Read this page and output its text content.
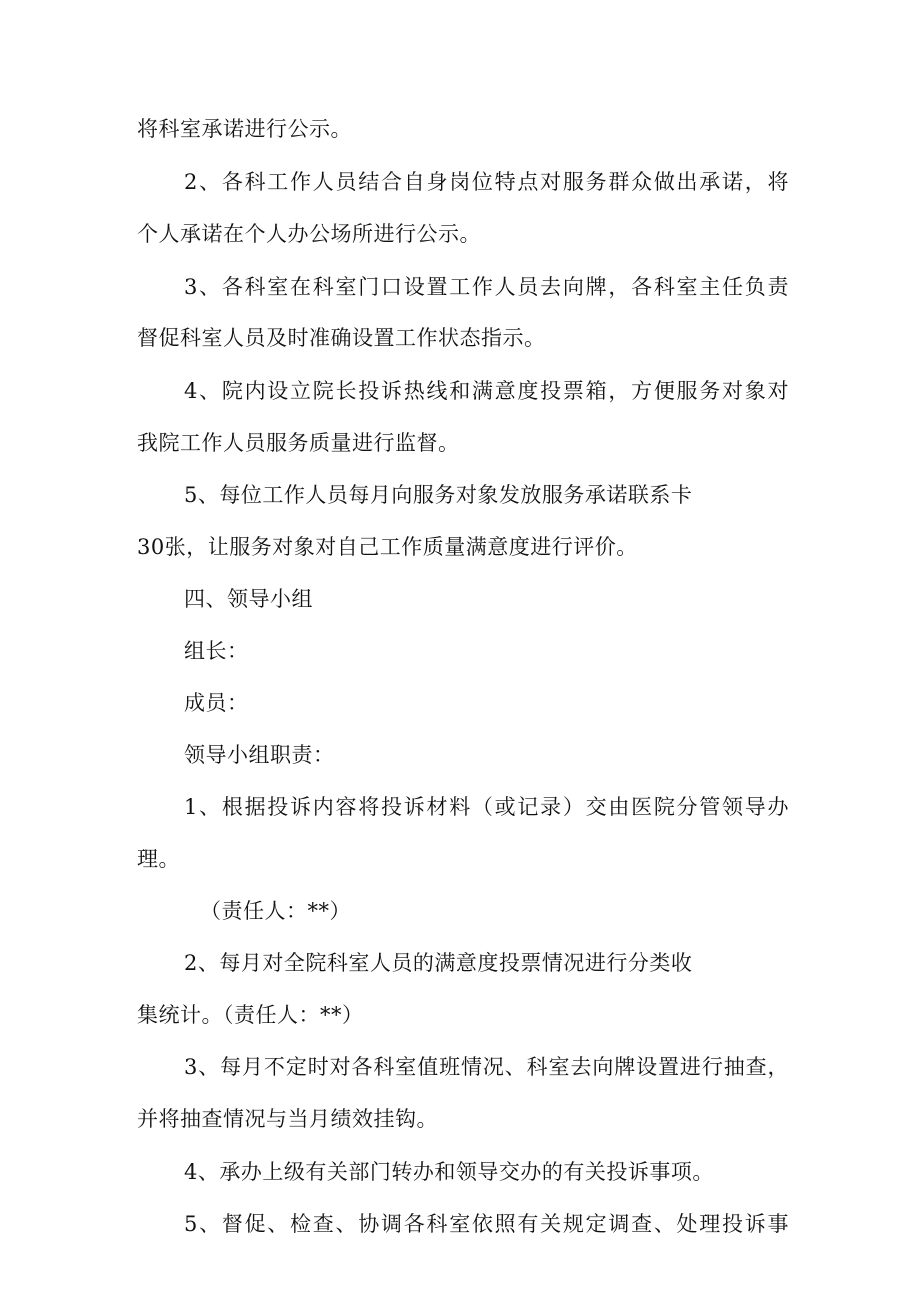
将科室承诺进行公示。
2、各科工作人员结合自身岗位特点对服务群众做出承诺，将
个人承诺在个人办公场所进行公示。
3、各科室在科室门口设置工作人员去向牌，各科室主任负责
督促科室人员及时准确设置工作状态指示。
4、院内设立院长投诉热线和满意度投票箱，方便服务对象对
我院工作人员服务质量进行监督。
5、每位工作人员每月向服务对象发放服务承诺联系卡
30张，让服务对象对自己工作质量满意度进行评价。
四、领导小组
组长：
成员：
领导小组职责：
1、根据投诉内容将投诉材料（或记录）交由医院分管领导办
理。
（责任人：**）
2、每月对全院科室人员的满意度投票情况进行分类收
集统计。（责任人：**）
3、每月不定时对各科室值班情况、科室去向牌设置进行抽查，
并将抽查情况与当月绩效挂钩。
4、承办上级有关部门转办和领导交办的有关投诉事项。
5、督促、检查、协调各科室依照有关规定调查、处理投诉事
